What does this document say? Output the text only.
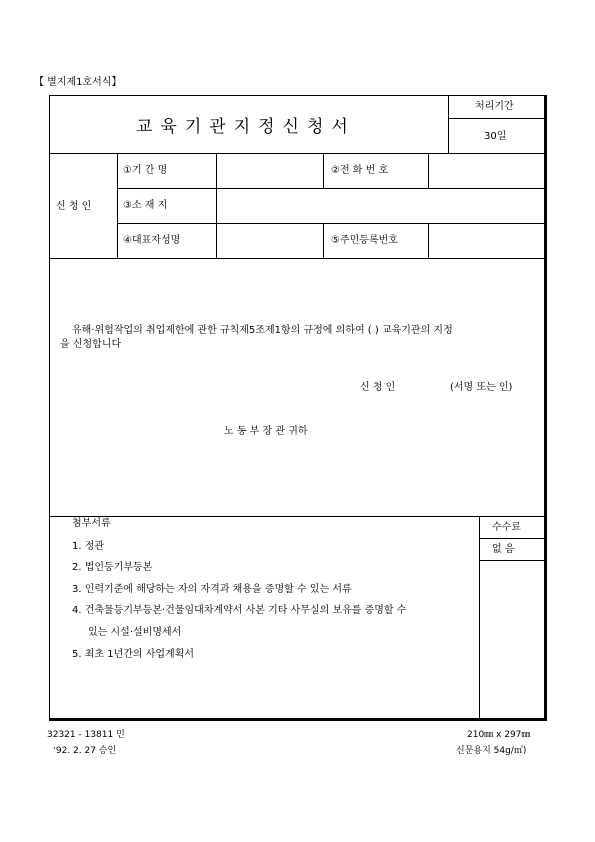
【 별지제1호서식】
교육기관지정신청서
처리기간
30일
신 청 인
①기 간 명	②전 화 번 호
③소 재 지
④대표자성명	⑤주민등록번호
유해·위험작업의 취업제한에 관한 규칙제5조제1항의 규정에 의하여 ( ) 교육기관의 지정
을 신청합니다
신 청 인	(서명 또는 인)
노 동 부 장 관 귀하
수수료
없 음
첨부서류
1. 정관
2. 법인등기부등본
3. 인력기준에 해당하는 자의 자격과 채용을 증명할 수 있는 서류
4. 건축물등기부등본·건물임대차계약서 사본 기타 사무실의 보유를 증명할 수
있는 시설·설비명세서
5. 최초 1년간의 사업계획서
32321 - 13811 민
‘92. 2. 27 승인
210㎜ x 297㎜
신문용지 54g/㎡)
